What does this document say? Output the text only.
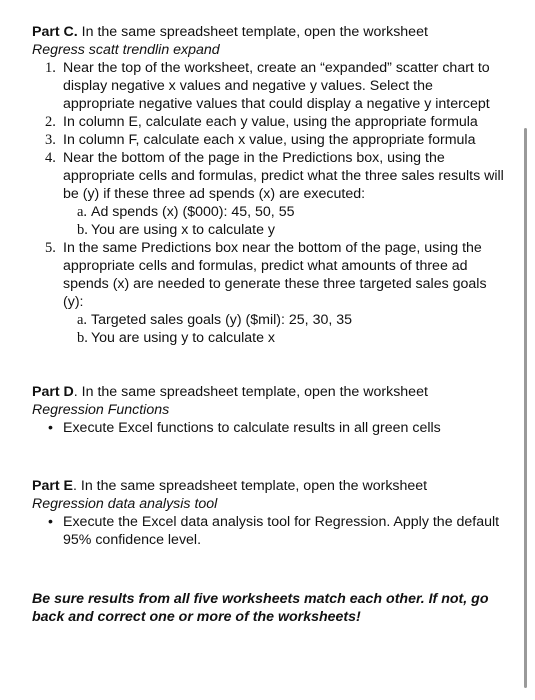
Part C. In the same spreadsheet template, open the worksheet

Regress scatt trendlin expand

1. Near the top of the worksheet, create an “expanded” scatter chart to display negative x values and negative y values. Select the appropriate negative values that could display a negative y intercept
2. In column E, calculate each y value, using the appropriate formula
3. In column F, calculate each x value, using the appropriate formula
4. Near the bottom of the page in the Predictions box, using the appropriate cells and formulas, predict what the three sales results will be (y) if these three ad spends (x) are executed:
a. Ad spends (x) ($000): 45, 50, 55
b. You are using x to calculate y
5. In the same Predictions box near the bottom of the page, using the appropriate cells and formulas, predict what amounts of three ad spends (x) are needed to generate these three targeted sales goals (y):
a. Targeted sales goals (y) ($mil): 25, 30, 35
b. You are using y to calculate x

Part D. In the same spreadsheet template, open the worksheet

Regression Functions

• Execute Excel functions to calculate results in all green cells

Part E. In the same spreadsheet template, open the worksheet

Regression data analysis tool

• Execute the Excel data analysis tool for Regression. Apply the default 95% confidence level.

Be sure results from all five worksheets match each other. If not, go back and correct one or more of the worksheets!
